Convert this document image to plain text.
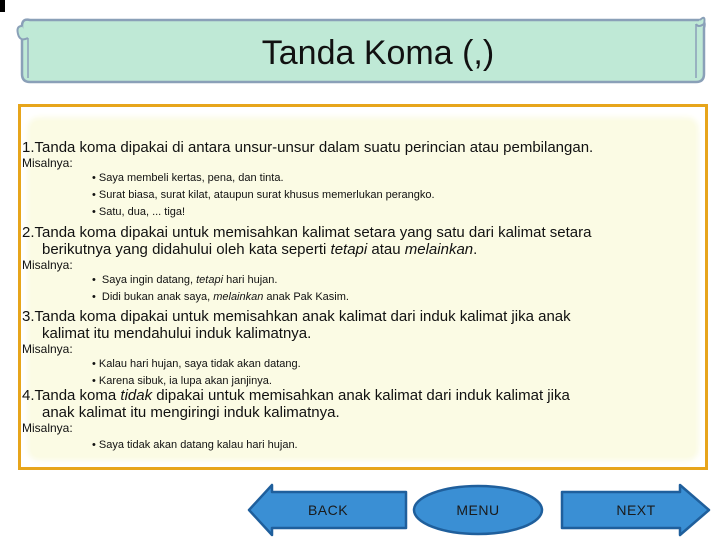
Tanda Koma (,)
1.Tanda koma dipakai di antara unsur-unsur dalam suatu perincian atau pembilangan.
Misalnya:
• Saya membeli kertas, pena, dan tinta.
• Surat biasa, surat kilat, ataupun surat khusus memerlukan perangko.
• Satu, dua, ... tiga!
2.Tanda koma dipakai untuk memisahkan kalimat setara yang satu dari kalimat setara
berikutnya yang didahului oleh kata seperti tetapi atau melainkan.
Misalnya:
• Saya ingin datang, tetapi hari hujan.
• Didi bukan anak saya, melainkan anak Pak Kasim.
3.Tanda koma dipakai untuk memisahkan anak kalimat dari induk kalimat jika anak
kalimat itu mendahului induk kalimatnya.
Misalnya:
• Kalau hari hujan, saya tidak akan datang.
• Karena sibuk, ia lupa akan janjinya.
4.Tanda koma tidak dipakai untuk memisahkan anak kalimat dari induk kalimat jika
anak kalimat itu mengiringi induk kalimatnya.
Misalnya:
• Saya tidak akan datang kalau hari hujan.
BACK	MENU	NEXT
